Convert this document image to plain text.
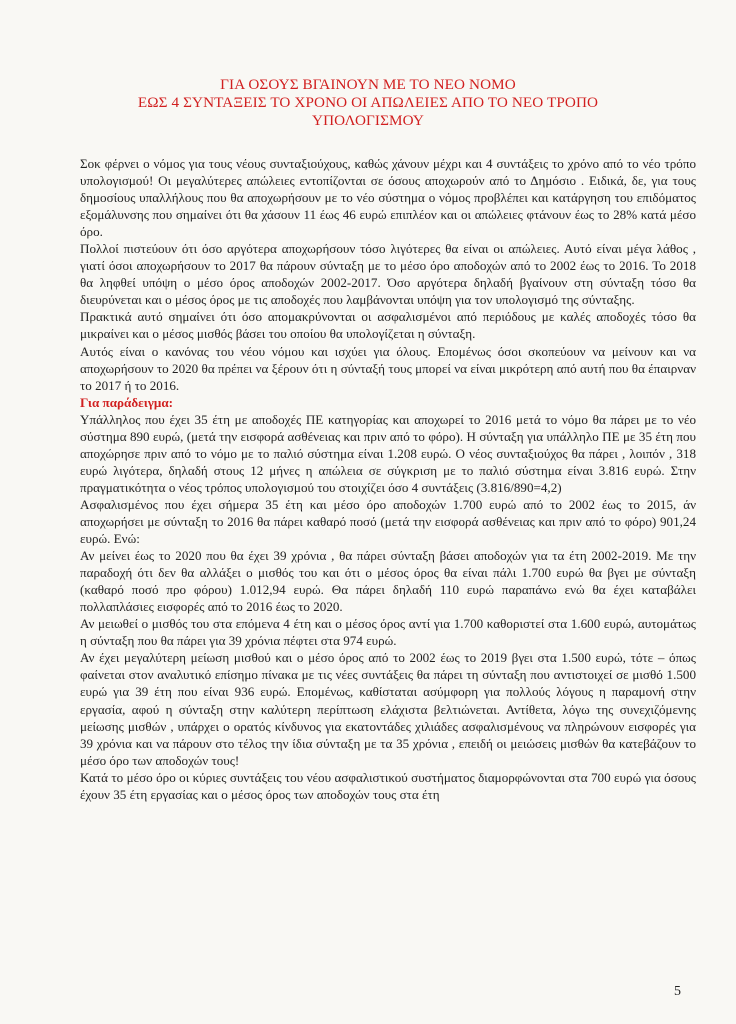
ΓΙΑ ΟΣΟΥΣ ΒΓΑΙΝΟΥΝ ΜΕ ΤΟ ΝΕΟ ΝΟΜΟ
ΕΩΣ 4 ΣΥΝΤΑΞΕΙΣ ΤΟ ΧΡΟΝΟ ΟΙ ΑΠΩΛΕΙΕΣ ΑΠΟ ΤΟ ΝΕΟ ΤΡΟΠΟ
ΥΠΟΛΟΓΙΣΜΟΥ

Σοκ φέρνει ο νόμος για τους νέους συνταξιούχους, καθώς χάνουν μέχρι και 4 συντάξεις το χρόνο από το νέο τρόπο υπολογισμού! Οι μεγαλύτερες απώλειες εντοπίζονται σε όσους αποχωρούν από το Δημόσιο . Ειδικά, δε, για τους δημοσίους υπαλλήλους που θα αποχωρήσουν με το νέο σύστημα ο νόμος προβλέπει και κατάργηση του επιδόματος εξομάλυνσης που σημαίνει ότι θα χάσουν 11 έως 46 ευρώ επιπλέον και οι απώλειες φτάνουν έως το 28% κατά μέσο όρο.

Πολλοί πιστεύουν ότι όσο αργότερα αποχωρήσουν τόσο λιγότερες θα είναι οι απώλειες. Αυτό είναι μέγα λάθος , γιατί όσοι αποχωρήσουν το 2017 θα πάρουν σύνταξη με το μέσο όρο αποδοχών από το 2002 έως το 2016. Το 2018 θα ληφθεί υπόψη ο μέσο όρος αποδοχών 2002-2017. Όσο αργότερα δηλαδή βγαίνουν στη σύνταξη τόσο θα διευρύνεται και ο μέσος όρος με τις αποδοχές που λαμβάνονται υπόψη για τον υπολογισμό της σύνταξης.

Πρακτικά αυτό σημαίνει ότι όσο απομακρύνονται οι ασφαλισμένοι από περιόδους με καλές αποδοχές τόσο θα μικραίνει και ο μέσος μισθός βάσει του οποίου θα υπολογίζεται η σύνταξη.

Αυτός είναι ο κανόνας του νέου νόμου και ισχύει για όλους. Επομένως όσοι σκοπεύουν να μείνουν και να αποχωρήσουν το 2020 θα πρέπει να ξέρουν ότι η σύνταξή τους μπορεί να είναι μικρότερη από αυτή που θα έπαιρναν το 2017 ή το 2016.

Για παράδειγμα:

Υπάλληλος που έχει 35 έτη με αποδοχές ΠΕ κατηγορίας και αποχωρεί το 2016 μετά το νόμο θα πάρει με το νέο σύστημα 890 ευρώ, (μετά την εισφορά ασθένειας και πριν από το φόρο). Η σύνταξη για υπάλληλο ΠΕ με 35 έτη που αποχώρησε πριν από το νόμο με το παλιό σύστημα είναι 1.208 ευρώ. Ο νέος συνταξιούχος θα πάρει , λοιπόν , 318 ευρώ λιγότερα, δηλαδή στους 12 μήνες η απώλεια σε σύγκριση με το παλιό σύστημα είναι 3.816 ευρώ. Στην πραγματικότητα ο νέος τρόπος υπολογισμού του στοιχίζει όσο 4 συντάξεις (3.816/890=4,2)

Ασφαλισμένος που έχει σήμερα 35 έτη και μέσο όρο αποδοχών 1.700 ευρώ από το 2002 έως το 2015, άν αποχωρήσει με σύνταξη το 2016 θα πάρει καθαρό ποσό (μετά την εισφορά ασθένειας και πριν από το φόρο) 901,24 ευρώ. Ενώ:

Αν μείνει έως το 2020 που θα έχει 39 χρόνια , θα πάρει σύνταξη βάσει αποδοχών για τα έτη 2002-2019. Με την παραδοχή ότι δεν θα αλλάξει ο μισθός του και ότι ο μέσος όρος θα είναι πάλι 1.700 ευρώ θα βγει με σύνταξη (καθαρό ποσό προ φόρου) 1.012,94 ευρώ. Θα πάρει δηλαδή 110 ευρώ παραπάνω ενώ θα έχει καταβάλει πολλαπλάσιες εισφορές από το 2016 έως το 2020.

Αν μειωθεί ο μισθός του στα επόμενα 4 έτη και ο μέσος όρος αντί για 1.700 καθοριστεί στα 1.600 ευρώ, αυτομάτως η σύνταξη που θα πάρει για 39 χρόνια πέφτει στα 974 ευρώ.

Αν έχει μεγαλύτερη μείωση μισθού και ο μέσο όρος από το 2002 έως το 2019 βγει στα 1.500 ευρώ, τότε – όπως φαίνεται στον αναλυτικό επίσημο πίνακα με τις νέες συντάξεις θα πάρει τη σύνταξη που αντιστοιχεί σε μισθό 1.500 ευρώ για 39 έτη που είναι 936 ευρώ. Επομένως, καθίσταται ασύμφορη για πολλούς λόγους η παραμονή στην εργασία, αφού η σύνταξη στην καλύτερη περίπτωση ελάχιστα βελτιώνεται. Αντίθετα, λόγω της συνεχιζόμενης μείωσης μισθών , υπάρχει ο ορατός κίνδυνος για εκατοντάδες χιλιάδες ασφαλισμένους να πληρώνουν εισφορές για 39 χρόνια και να πάρουν στο τέλος την ίδια σύνταξη με τα 35 χρόνια , επειδή οι μειώσεις μισθών θα κατεβάζουν το μέσο όρο των αποδοχών τους!

Κατά το μέσο όρο οι κύριες συντάξεις του νέου ασφαλιστικού συστήματος διαμορφώνονται στα 700 ευρώ για όσους έχουν 35 έτη εργασίας και ο μέσος όρος των αποδοχών τους στα έτη

5
